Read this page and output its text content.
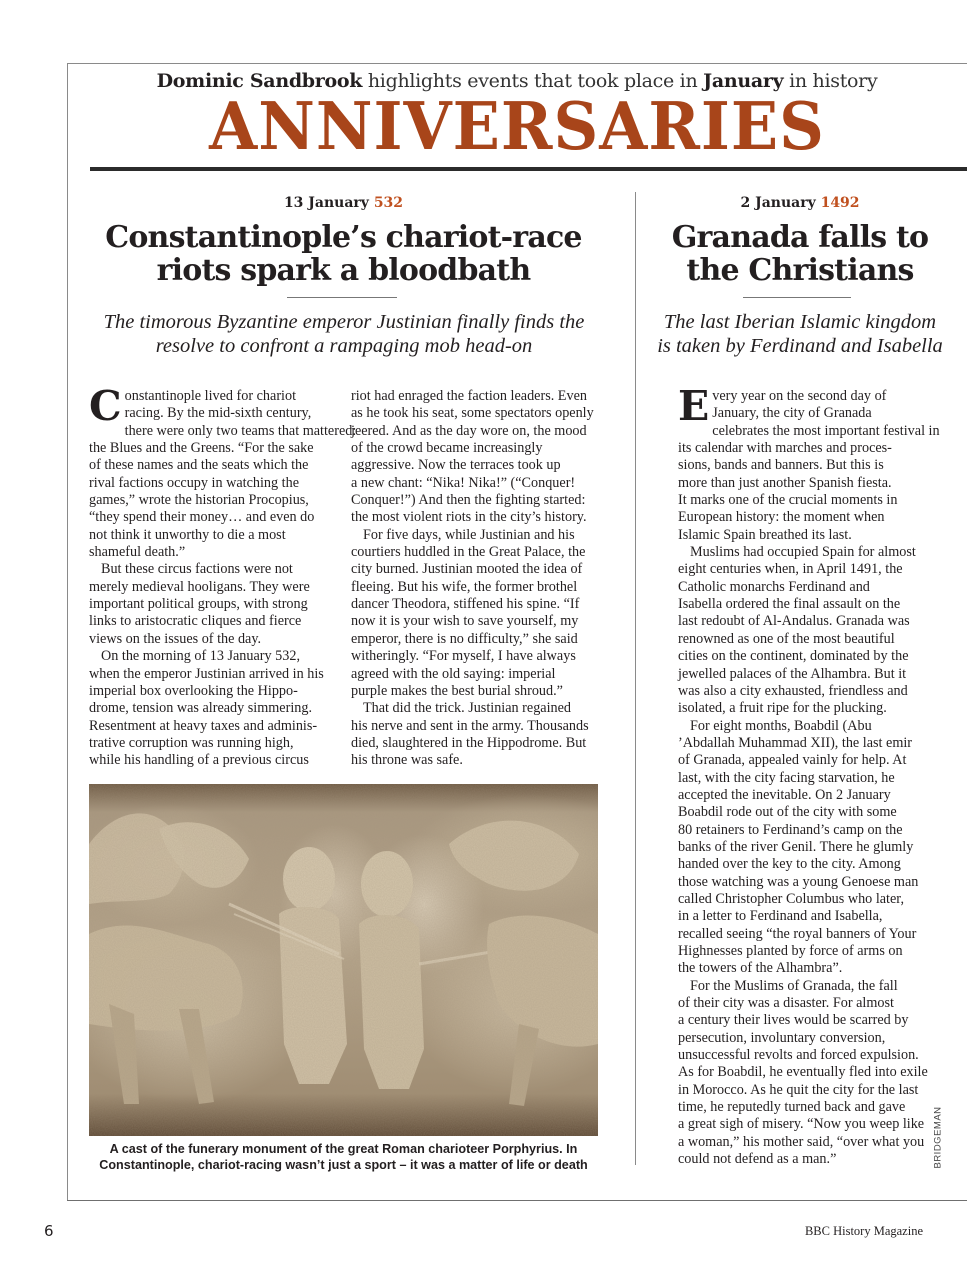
Dominic Sandbrook highlights events that took place in January in history
ANNIVERSARIES
13 January 532
Constantinople’s chariot-race
riots spark a bloodbath
The timorous Byzantine emperor Justinian finally finds the
resolve to confront a rampaging mob head-on
C onstantinople lived for chariot
racing. By the mid-sixth century,
there were only two teams that mattered:
the Blues and the Greens. “For the sake
of these names and the seats which the
rival factions occupy in watching the
games,” wrote the historian Procopius,
“they spend their money… and even do
not think it unworthy to die a most
shameful death.”
But these circus factions were not
merely medieval hooligans. They were
important political groups, with strong
links to aristocratic cliques and fierce
views on the issues of the day.
On the morning of 13 January 532,
when the emperor Justinian arrived in his
imperial box overlooking the Hippo-
drome, tension was already simmering.
Resentment at heavy taxes and adminis-
trative corruption was running high,
while his handling of a previous circus
riot had enraged the faction leaders. Even
as he took his seat, some spectators openly
jeered. And as the day wore on, the mood
of the crowd became increasingly
aggressive. Now the terraces took up
a new chant: “Nika! Nika!” (“Conquer!
Conquer!”) And then the fighting started:
the most violent riots in the city’s history.
For five days, while Justinian and his
courtiers huddled in the Great Palace, the
city burned. Justinian mooted the idea of
fleeing. But his wife, the former brothel
dancer Theodora, stiffened his spine. “If
now it is your wish to save yourself, my
emperor, there is no difficulty,” she said
witheringly. “For myself, I have always
agreed with the old saying: imperial
purple makes the best burial shroud.”
That did the trick. Justinian regained
his nerve and sent in the army. Thousands
died, slaughtered in the Hippodrome. But
his throne was safe.
A cast of the funerary monument of the great Roman charioteer Porphyrius. In
Constantinople, chariot-racing wasn’t just a sport – it was a matter of life or death
2 January 1492
Granada falls to
the Christians
The last Iberian Islamic kingdom
is taken by Ferdinand and Isabella
E very year on the second day of
January, the city of Granada
celebrates the most important festival in
its calendar with marches and proces-
sions, bands and banners. But this is
more than just another Spanish fiesta.
It marks one of the crucial moments in
European history: the moment when
Islamic Spain breathed its last.
Muslims had occupied Spain for almost
eight centuries when, in April 1491, the
Catholic monarchs Ferdinand and
Isabella ordered the final assault on the
last redoubt of Al-Andalus. Granada was
renowned as one of the most beautiful
cities on the continent, dominated by the
jewelled palaces of the Alhambra. But it
was also a city exhausted, friendless and
isolated, a fruit ripe for the plucking.
For eight months, Boabdil (Abu
’Abdallah Muhammad XII), the last emir
of Granada, appealed vainly for help. At
last, with the city facing starvation, he
accepted the inevitable. On 2 January
Boabdil rode out of the city with some
80 retainers to Ferdinand’s camp on the
banks of the river Genil. There he glumly
handed over the key to the city. Among
those watching was a young Genoese man
called Christopher Columbus who later,
in a letter to Ferdinand and Isabella,
recalled seeing “the royal banners of Your
Highnesses planted by force of arms on
the towers of the Alhambra”.
For the Muslims of Granada, the fall
of their city was a disaster. For almost
a century their lives would be scarred by
persecution, involuntary conversion,
unsuccessful revolts and forced expulsion.
As for Boabdil, he eventually fled into exile
in Morocco. As he quit the city for the last
time, he reputedly turned back and gave
a great sigh of misery. “Now you weep like
a woman,” his mother said, “over what you
could not defend as a man.”	BRIDGEMAN
6	BBC History Magazine
